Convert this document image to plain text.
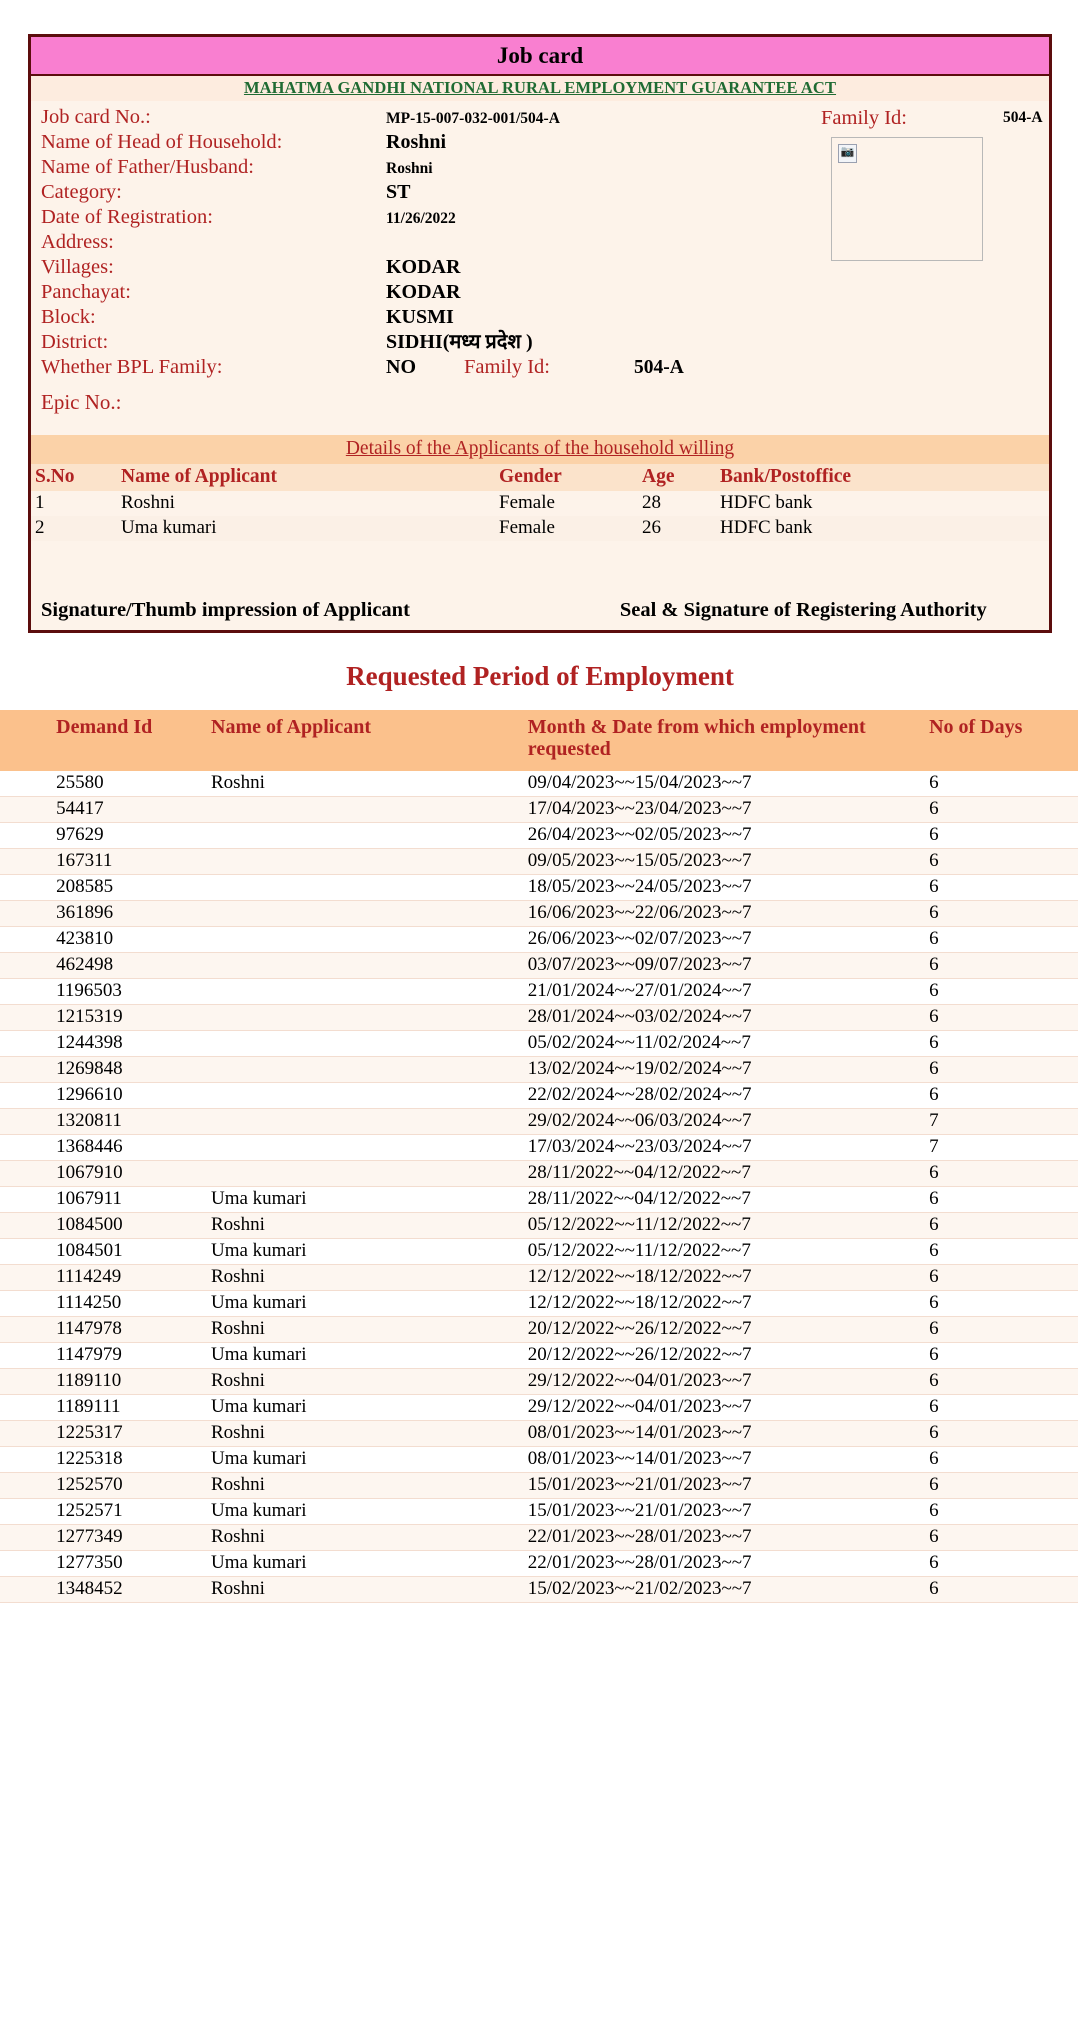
Job card
MAHATMA GANDHI NATIONAL RURAL EMPLOYMENT GUARANTEE ACT
Family Id:	504-A
📷
Job card No.:	MP-15-007-032-001/504-A
Name of Head of Household:	Roshni
Name of Father/Husband:	Roshni
Category:	ST
Date of Registration:	11/26/2022
Address:
Villages:	KODAR
Panchayat:	KODAR
Block:	KUSMI
District:	SIDHI(मध्य प्रदेश )
Whether BPL Family:	NO Family Id:	504-A
Epic No.:
Details of the Applicants of the household willing
S.No	Name of Applicant	Gender	Age	Bank/Postoffice
1	Roshni	Female	28	HDFC bank
2	Uma kumari	Female	26	HDFC bank
Signature/Thumb impression of Applicant	Seal & Signature of Registering Authority
Requested Period of Employment
	Demand Id	Name of Applicant	Month & Date from which employment requested	No of Days
	25580	Roshni	09/04/2023~~15/04/2023~~7	6
	54417		17/04/2023~~23/04/2023~~7	6
	97629		26/04/2023~~02/05/2023~~7	6
	167311		09/05/2023~~15/05/2023~~7	6
	208585		18/05/2023~~24/05/2023~~7	6
	361896		16/06/2023~~22/06/2023~~7	6
	423810		26/06/2023~~02/07/2023~~7	6
	462498		03/07/2023~~09/07/2023~~7	6
	1196503		21/01/2024~~27/01/2024~~7	6
	1215319		28/01/2024~~03/02/2024~~7	6
	1244398		05/02/2024~~11/02/2024~~7	6
	1269848		13/02/2024~~19/02/2024~~7	6
	1296610		22/02/2024~~28/02/2024~~7	6
	1320811		29/02/2024~~06/03/2024~~7	7
	1368446		17/03/2024~~23/03/2024~~7	7
	1067910		28/11/2022~~04/12/2022~~7	6
	1067911	Uma kumari	28/11/2022~~04/12/2022~~7	6
	1084500	Roshni	05/12/2022~~11/12/2022~~7	6
	1084501	Uma kumari	05/12/2022~~11/12/2022~~7	6
	1114249	Roshni	12/12/2022~~18/12/2022~~7	6
	1114250	Uma kumari	12/12/2022~~18/12/2022~~7	6
	1147978	Roshni	20/12/2022~~26/12/2022~~7	6
	1147979	Uma kumari	20/12/2022~~26/12/2022~~7	6
	1189110	Roshni	29/12/2022~~04/01/2023~~7	6
	1189111	Uma kumari	29/12/2022~~04/01/2023~~7	6
	1225317	Roshni	08/01/2023~~14/01/2023~~7	6
	1225318	Uma kumari	08/01/2023~~14/01/2023~~7	6
	1252570	Roshni	15/01/2023~~21/01/2023~~7	6
	1252571	Uma kumari	15/01/2023~~21/01/2023~~7	6
	1277349	Roshni	22/01/2023~~28/01/2023~~7	6
	1277350	Uma kumari	22/01/2023~~28/01/2023~~7	6
	1348452	Roshni	15/02/2023~~21/02/2023~~7	6
